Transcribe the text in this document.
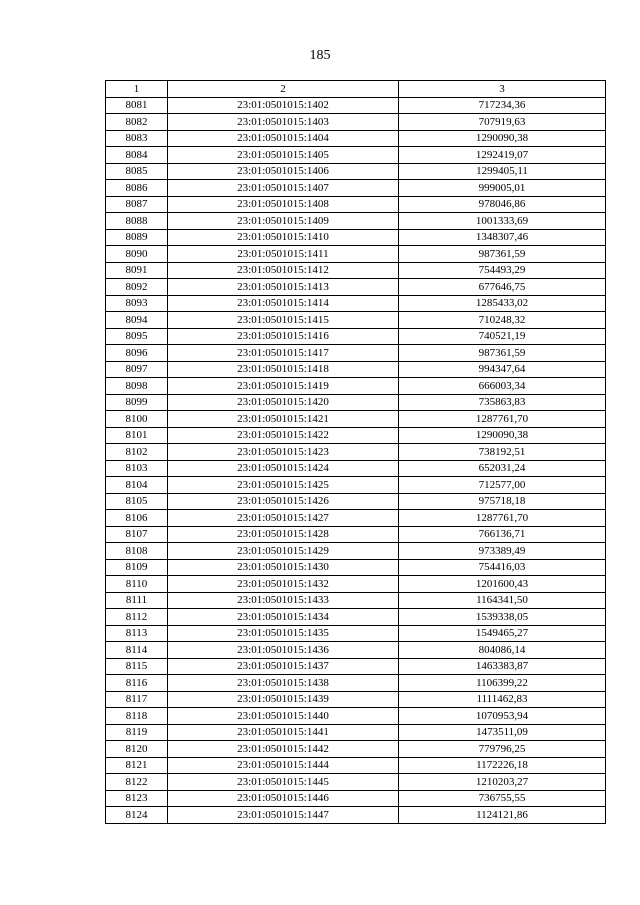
185
1	2	3
8081	23:01:0501015:1402	717234,36
8082	23:01:0501015:1403	707919,63
8083	23:01:0501015:1404	1290090,38
8084	23:01:0501015:1405	1292419,07
8085	23:01:0501015:1406	1299405,11
8086	23:01:0501015:1407	999005,01
8087	23:01:0501015:1408	978046,86
8088	23:01:0501015:1409	1001333,69
8089	23:01:0501015:1410	1348307,46
8090	23:01:0501015:1411	987361,59
8091	23:01:0501015:1412	754493,29
8092	23:01:0501015:1413	677646,75
8093	23:01:0501015:1414	1285433,02
8094	23:01:0501015:1415	710248,32
8095	23:01:0501015:1416	740521,19
8096	23:01:0501015:1417	987361,59
8097	23:01:0501015:1418	994347,64
8098	23:01:0501015:1419	666003,34
8099	23:01:0501015:1420	735863,83
8100	23:01:0501015:1421	1287761,70
8101	23:01:0501015:1422	1290090,38
8102	23:01:0501015:1423	738192,51
8103	23:01:0501015:1424	652031,24
8104	23:01:0501015:1425	712577,00
8105	23:01:0501015:1426	975718,18
8106	23:01:0501015:1427	1287761,70
8107	23:01:0501015:1428	766136,71
8108	23:01:0501015:1429	973389,49
8109	23:01:0501015:1430	754416,03
8110	23:01:0501015:1432	1201600,43
8111	23:01:0501015:1433	1164341,50
8112	23:01:0501015:1434	1539338,05
8113	23:01:0501015:1435	1549465,27
8114	23:01:0501015:1436	804086,14
8115	23:01:0501015:1437	1463383,87
8116	23:01:0501015:1438	1106399,22
8117	23:01:0501015:1439	1111462,83
8118	23:01:0501015:1440	1070953,94
8119	23:01:0501015:1441	1473511,09
8120	23:01:0501015:1442	779796,25
8121	23:01:0501015:1444	1172226,18
8122	23:01:0501015:1445	1210203,27
8123	23:01:0501015:1446	736755,55
8124	23:01:0501015:1447	1124121,86
